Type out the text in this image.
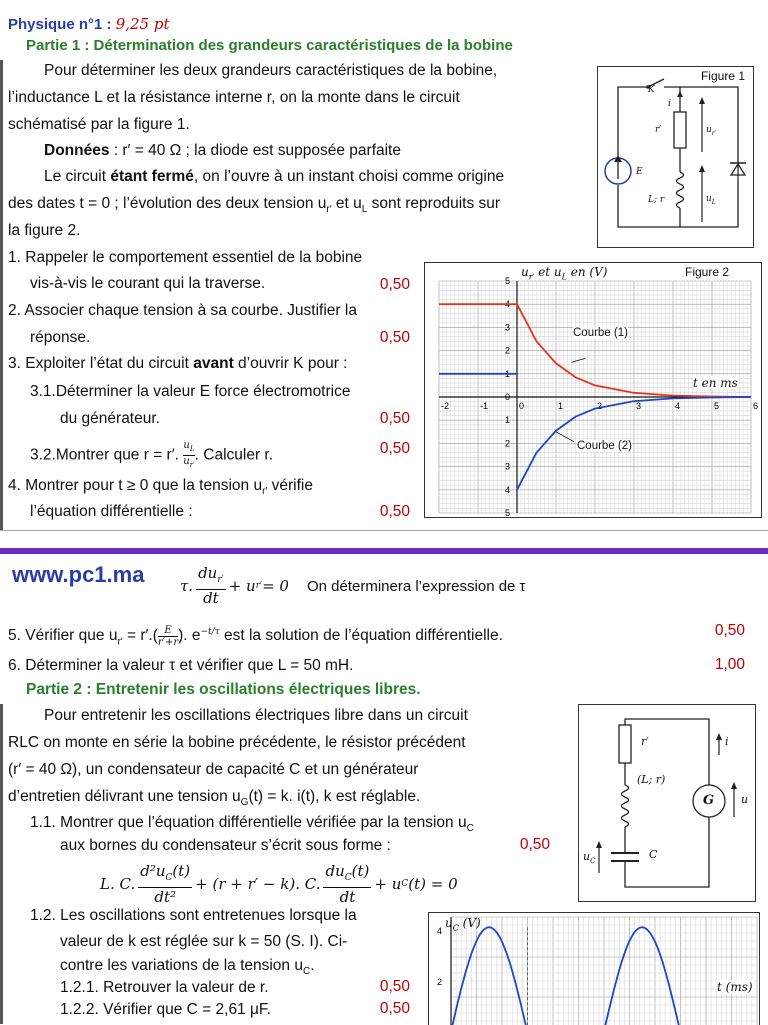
Physique n°1 : 9,25 pt
Partie 1 : Détermination des grandeurs caractéristiques de la bobine
Pour déterminer les deux grandeurs caractéristiques de la bobine,
l’inductance L et la résistance interne r, on la monte dans le circuit
schématisé par la figure 1.
Données : r′ = 40 Ω ; la diode est supposée parfaite
Le circuit étant fermé, on l’ouvre à un instant choisi comme origine
des dates t = 0 ; l’évolution des deux tension $u_{r'}$ et $u_L$ sont reproduits sur
la figure 2.
1. Rappeler le comportement essentiel de la bobine
vis-à-vis le courant qui la traverse.	0,50
2. Associer chaque tension à sa courbe. Justifier la
réponse.	0,50
3. Exploiter l’état du circuit avant d’ouvrir K pour :
3.1.Déterminer la valeur E force électromotrice
du générateur.	0,50
3.2.Montrer que r = r′. $\frac{u_L}{u_{r'}}$ . Calculer r.	0,50
4. Montrer pour t ≥ 0 que la tension $u_{r'}$ vérifie
l’équation différentielle :	0,50
Figure 1
K
i
r′	$u_{r'}$
E
L; r	$u_L$
-2	-1	0	1	2	3	4	5	6
5
4
3
2
1
0
1
2
3
4
5
$u_{r'}$ et $u_L$ en (V)	Figure 2
t en ms
Courbe (1)
Courbe (2)
www.pc1.ma τ.
$du_{r'}$
dt
+ u r′ = 0 On déterminera l’expression de τ
5. Vérifier que $u_{r'} = r'.( \frac{E}{r'+r}$ ). $e^{-t/\tau}$ est la solution de l’équation différentielle.	0,50
6. Déterminer la valeur τ et vérifier que L = 50 mH.	1,00
Partie 2 : Entretenir les oscillations électriques libres.
Pour entretenir les oscillations électriques libre dans un circuit
RLC on monte en série la bobine précédente, le résistor précédent
(r′ = 40 Ω), un condensateur de capacité C et un générateur
d’entretien délivrant une tension $u_G(t) = k$. i(t), k est réglable.
1.1. Montrer que l’équation différentielle vérifiée par la tension $u_C$
aux bornes du condensateur s’écrit sous forme :	0,50
L. C.
$d^2u_C(t)$
dt²
+ (r + r′ − k). C.
$du_C(t)$
dt
+ u C (t) = 0
1.2. Les oscillations sont entretenues lorsque la
valeur de k est réglée sur k = 50 (S. I). Ci-
contre les variations de la tension $u_C$.
1.2.1. Retrouver la valeur de r.	0,50
1.2.2. Vérifier que C = 2,61 μF.	0,50
r′
(L; r)
G u
i
$u_C$
C
4
2
$u_C$ (V)
t (ms)
